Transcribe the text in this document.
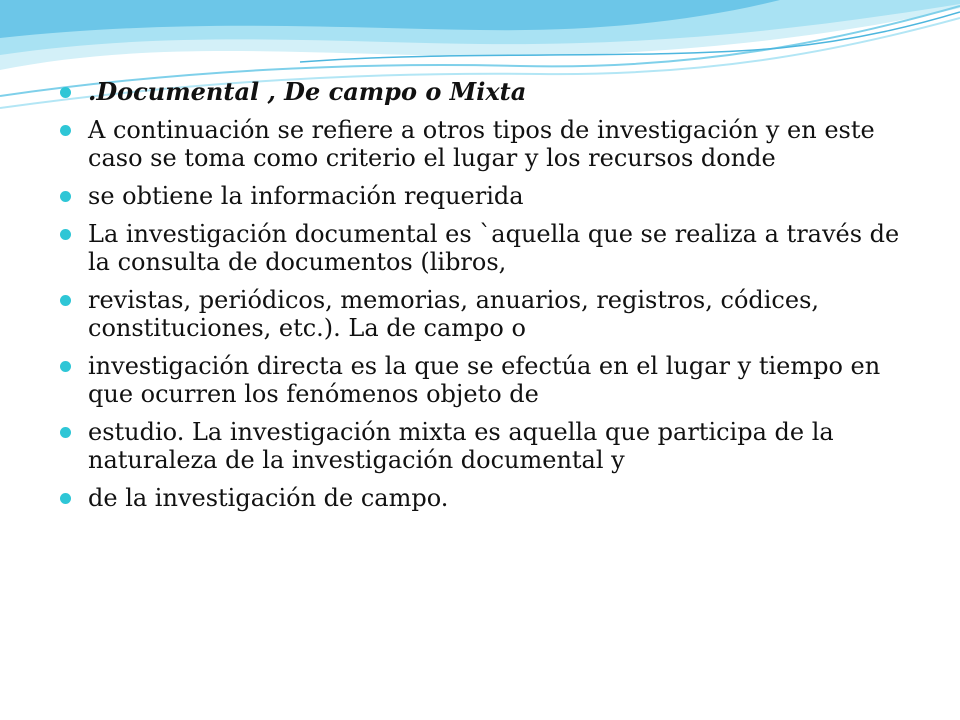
.Documental , De campo o Mixta
A continuación se refiere a otros tipos de investigación y en este caso se toma como criterio el lugar y los recursos donde
se obtiene la información requerida
La investigación documental es `aquella que se realiza a través de la consulta de documentos (libros,
revistas, periódicos, memorias, anuarios, registros, códices, constituciones, etc.). La de campo o
investigación directa es la que se efectúa en el lugar y tiempo en que ocurren los fenómenos objeto de
estudio. La investigación mixta es aquella que participa de la naturaleza de la investigación documental y
de la investigación de campo.
